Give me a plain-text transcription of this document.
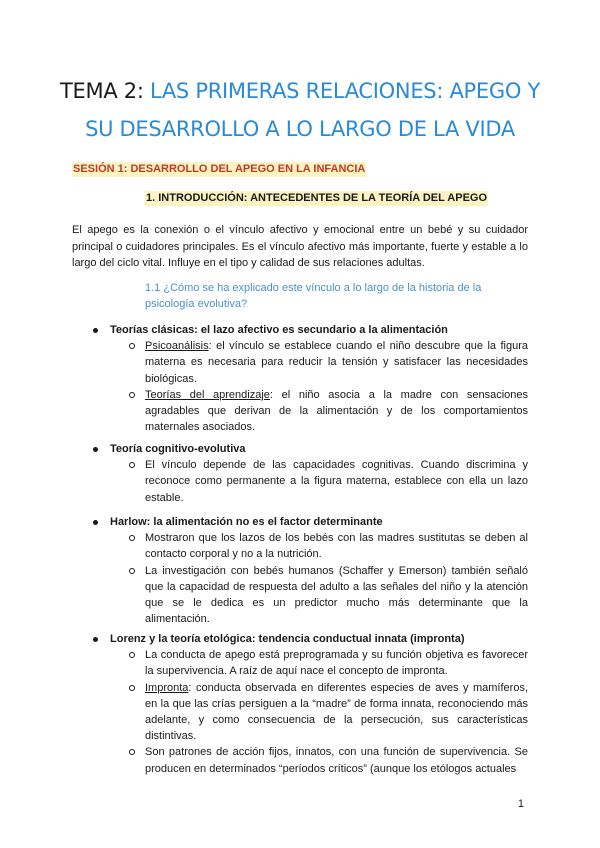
TEMA 2: LAS PRIMERAS RELACIONES: APEGO Y SU DESARROLLO A LO LARGO DE LA VIDA
SESIÓN 1: DESARROLLO DEL APEGO EN LA INFANCIA
1. INTRODUCCIÓN: ANTECEDENTES DE LA TEORÍA DEL APEGO
El apego es la conexión o el vínculo afectivo y emocional entre un bebé y su cuidador principal o cuidadores principales. Es el vínculo afectivo más importante, fuerte y estable a lo largo del ciclo vital. Influye en el tipo y calidad de sus relaciones adultas.
1.1 ¿Cómo se ha explicado este vínculo a lo largo de la historia de la psicología evolutiva?
Teorías clásicas: el lazo afectivo es secundario a la alimentación
Psicoanálisis: el vínculo se establece cuando el niño descubre que la figura materna es necesaria para reducir la tensión y satisfacer las necesidades biológicas.
Teorías del aprendizaje: el niño asocia a la madre con sensaciones agradables que derivan de la alimentación y de los comportamientos maternales asociados.
Teoría cognitivo-evolutiva
El vínculo depende de las capacidades cognitivas. Cuando discrimina y reconoce como permanente a la figura materna, establece con ella un lazo estable.
Harlow: la alimentación no es el factor determinante
Mostraron que los lazos de los bebés con las madres sustitutas se deben al contacto corporal y no a la nutrición.
La investigación con bebés humanos (Schaffer y Emerson) también señaló que la capacidad de respuesta del adulto a las señales del niño y la atención que se le dedica es un predictor mucho más determinante que la alimentación.
Lorenz y la teoría etológica: tendencia conductual innata (impronta)
La conducta de apego está preprogramada y su función objetiva es favorecer la supervivencia. A raíz de aquí nace el concepto de impronta.
Impronta: conducta observada en diferentes especies de aves y mamíferos, en la que las crías persiguen a la “madre” de forma innata, reconociendo más adelante, y como consecuencia de la persecución, sus características distintivas.
Son patrones de acción fijos, innatos, con una función de supervivencia. Se producen en determinados “períodos críticos” (aunque los etólogos actuales
1
